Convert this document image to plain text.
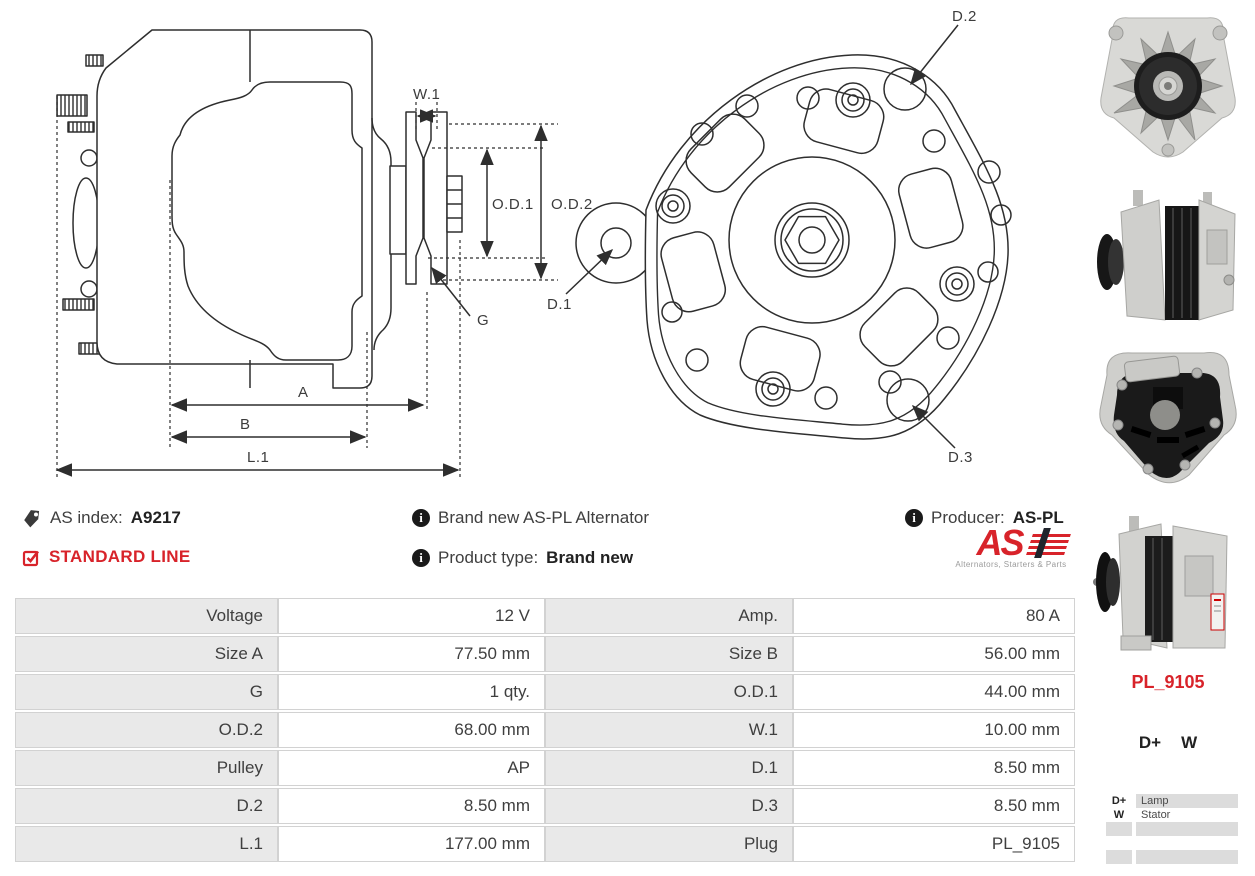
W.1
O.D.1 O.D.2
G
A
B
L.1
D.1
D.2
D.3
AS index: A9217
STANDARD LINE
i Brand new AS-PL Alternator
i Product type: Brand new
i Producer: AS-PL
AS
Alternators, Starters & Parts
Voltage	12 V	Amp.	80 A
Size A	77.50 mm	Size B	56.00 mm
G	1 qty.	O.D.1	44.00 mm
O.D.2	68.00 mm	W.1	10.00 mm
Pulley	AP	D.1	8.50 mm
D.2	8.50 mm	D.3	8.50 mm
L.1	177.00 mm	Plug	PL_9105
PL_9105
D+ W
D+	Lamp
W	Stator
